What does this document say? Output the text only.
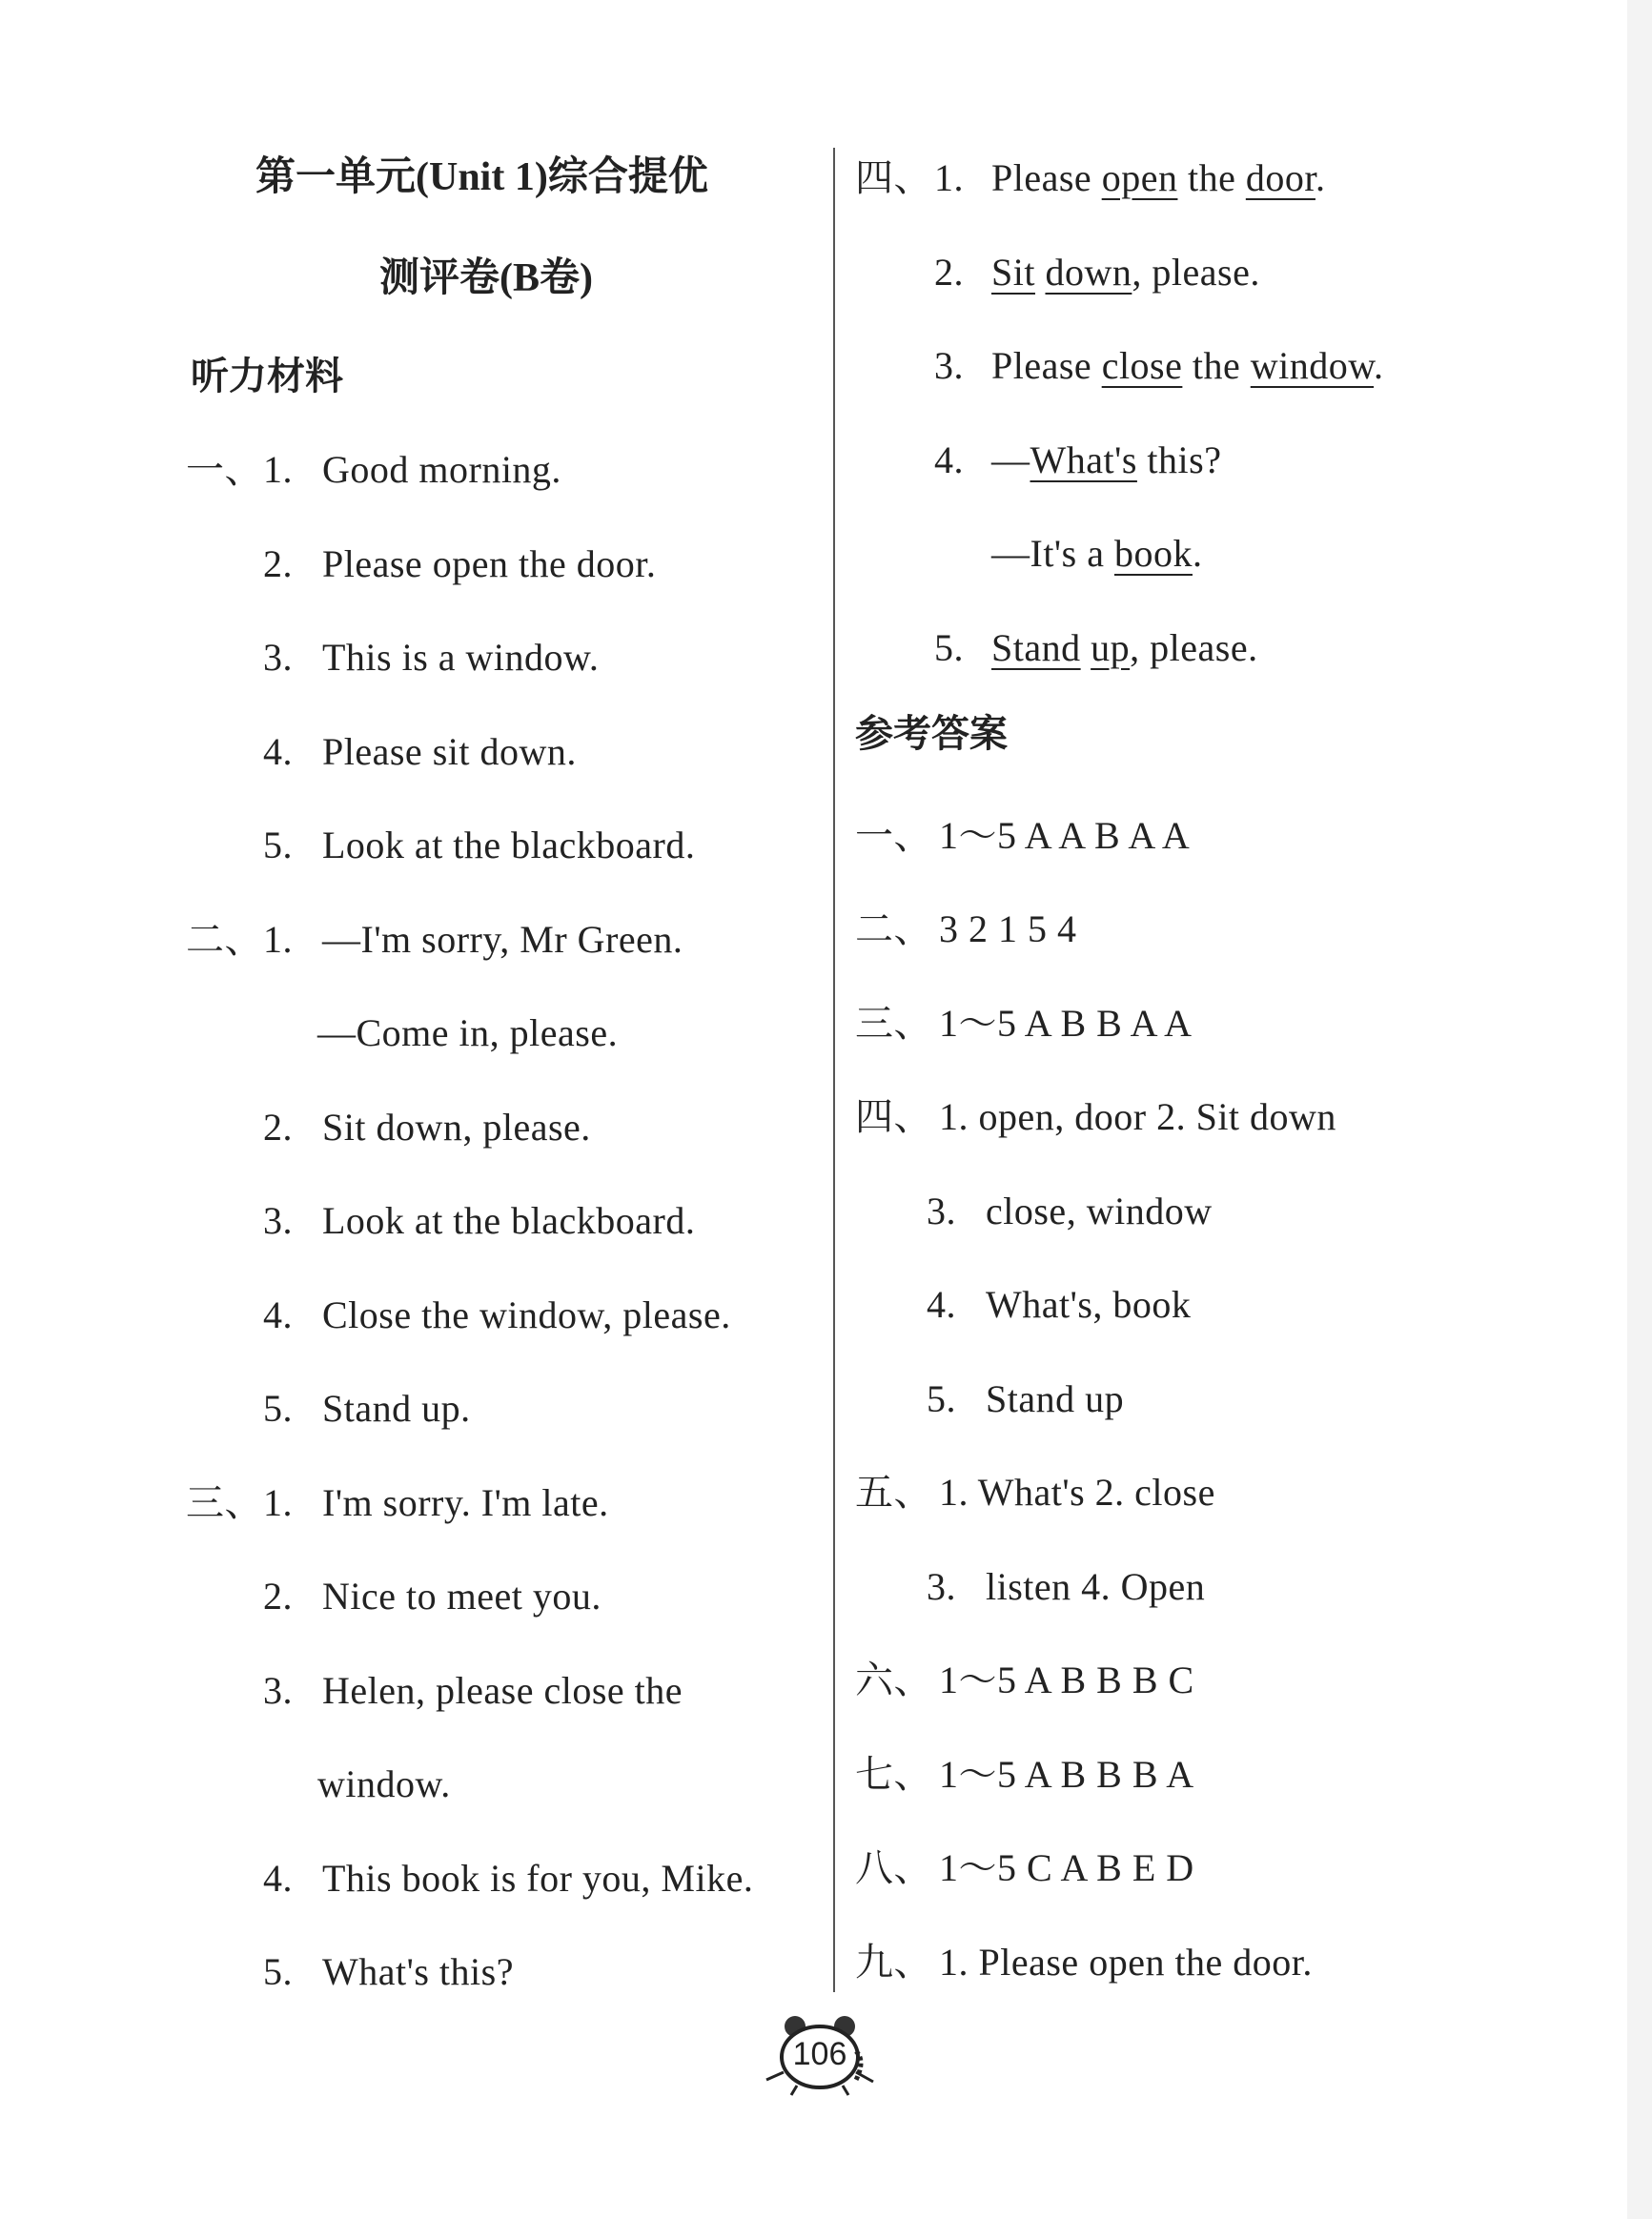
第一单元(Unit 1)综合提优
测评卷(B卷)
听力材料
一、 1. Good morning.
2. Please open the door.
3. This is a window.
4. Please sit down.
5. Look at the blackboard.
二、 1. —I'm sorry, Mr Green.
—Come in, please.
2. Sit down, please.
3. Look at the blackboard.
4. Close the window, please.
5. Stand up.
三、 1. I'm sorry. I'm late.
2. Nice to meet you.
3. Helen, please close the
window.
4. This book is for you, Mike.
5. What's this?
四、 1. Please open the door.
2. Sit down, please.
3. Please close the window.
4. —What's this?
—It's a book.
5. Stand up, please.
参考答案
一、 1～5 A A B A A
二、 3 2 1 5 4
三、 1～5 A B B A A
四、 1. open, door 2. Sit down
3. close, window
4. What's, book
5. Stand up
五、 1. What's 2. close
3. listen 4. Open
六、 1～5 A B B B C
七、 1～5 A B B B A
八、 1～5 C A B E D
九、 1. Please open the door.
106
